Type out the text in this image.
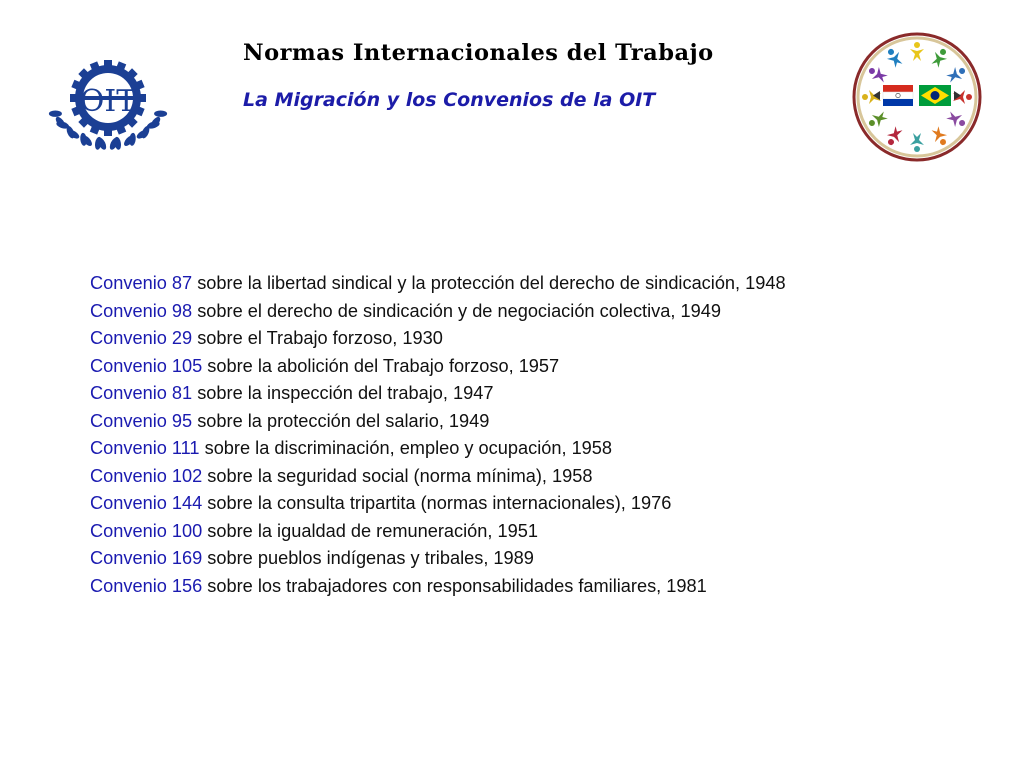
OIT
Normas Internacionales del Trabajo
La Migración y los Convenios de la OIT
Convenio 87 sobre la libertad sindical y la protección del derecho de sindicación, 1948
Convenio 98 sobre el derecho de sindicación y de negociación colectiva, 1949
Convenio 29 sobre el Trabajo forzoso, 1930
Convenio 105 sobre la abolición del Trabajo forzoso, 1957
Convenio 81 sobre la inspección del trabajo, 1947
Convenio 95 sobre la protección del salario, 1949
Convenio 111 sobre la discriminación, empleo y ocupación, 1958
Convenio 102 sobre la seguridad social (norma mínima), 1958
Convenio 144 sobre la consulta tripartita (normas internacionales), 1976
Convenio 100 sobre la igualdad de remuneración, 1951
Convenio 169 sobre pueblos indígenas y tribales, 1989
Convenio 156 sobre los trabajadores con responsabilidades familiares, 1981
